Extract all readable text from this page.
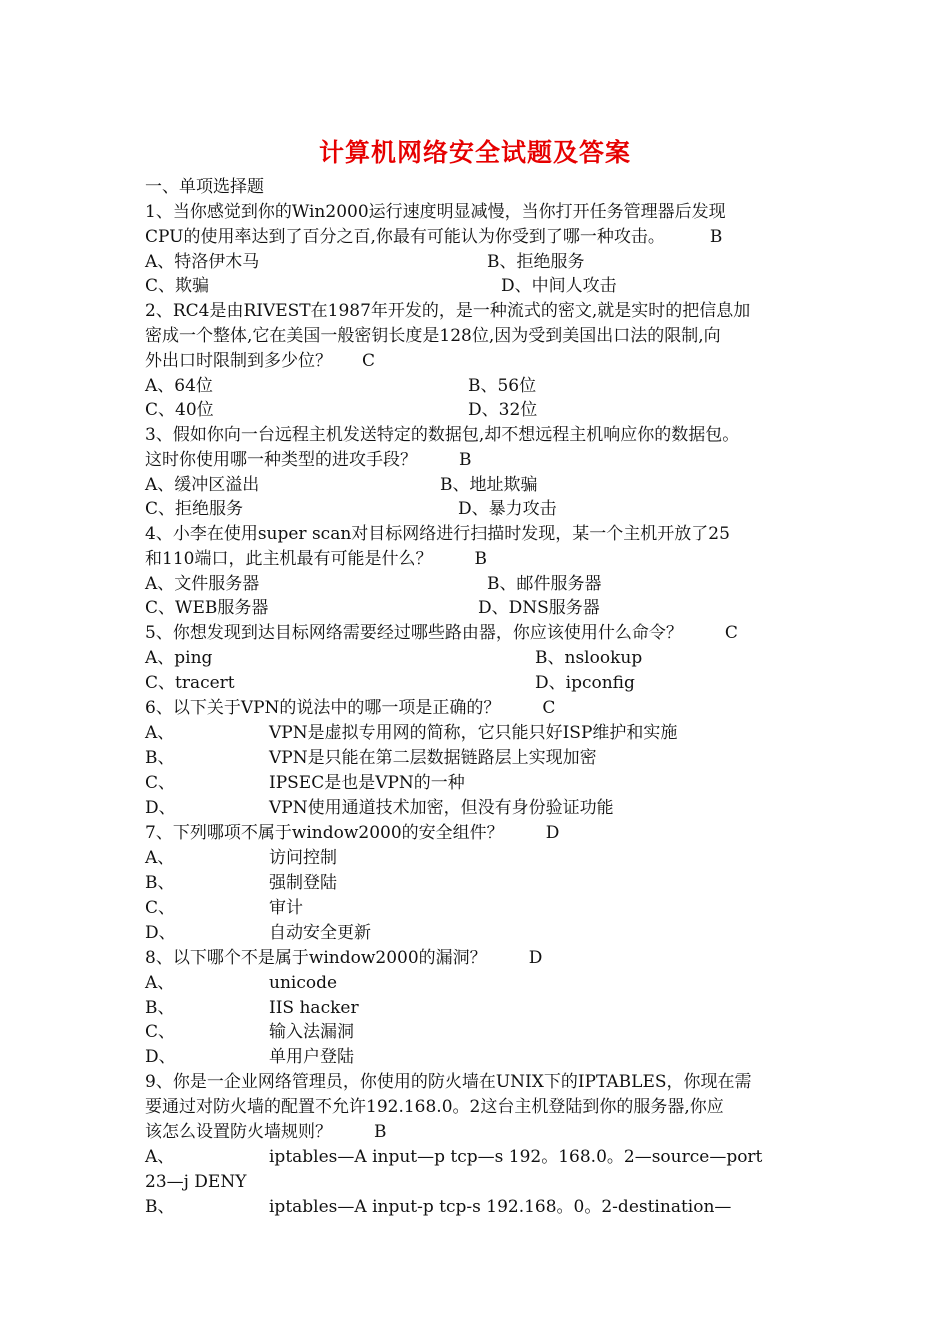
计算机网络安全试题及答案
一、单项选择题
1、当你感觉到你的Win2000运行速度明显减慢，当你打开任务管理器后发现
CPU的使用率达到了百分之百,你最有可能认为你受到了哪一种攻击。	B
A、特洛伊木马	B、拒绝服务
C、欺骗	D、中间人攻击
2、RC4是由RIVEST在1987年开发的，是一种流式的密文,就是实时的把信息加
密成一个整体,它在美国一般密钥长度是128位,因为受到美国出口法的限制,向
外出口时限制到多少位？ C
A、64位	B、56位
C、40位	D、32位
3、假如你向一台远程主机发送特定的数据包,却不想远程主机响应你的数据包。
这时你使用哪一种类型的进攻手段？ B
A、缓冲区溢出	B、地址欺骗
C、拒绝服务	D、暴力攻击
4、小李在使用super scan对目标网络进行扫描时发现，某一个主机开放了25
和110端口，此主机最有可能是什么？ B
A、文件服务器	B、邮件服务器
C、WEB服务器	D、DNS服务器
5、你想发现到达目标网络需要经过哪些路由器，你应该使用什么命令？ C
A、ping	B、nslookup
C、tracert	D、ipconfig
6、以下关于VPN的说法中的哪一项是正确的？ C
A、	VPN是虚拟专用网的简称，它只能只好ISP维护和实施
B、	VPN是只能在第二层数据链路层上实现加密
C、	IPSEC是也是VPN的一种
D、	VPN使用通道技术加密，但没有身份验证功能
7、下列哪项不属于window2000的安全组件？ D
A、	访问控制
B、	强制登陆
C、	审计
D、	自动安全更新
8、以下哪个不是属于window2000的漏洞？ D
A、	unicode
B、	IIS hacker
C、	输入法漏洞
D、	单用户登陆
9、你是一企业网络管理员，你使用的防火墙在UNIX下的IPTABLES，你现在需
要通过对防火墙的配置不允许192.168.0。2这台主机登陆到你的服务器,你应
该怎么设置防火墙规则？ B
A、	iptables—A input—p tcp—s 192。168.0。2—source—port
23—j DENY
B、	iptables—A input-p tcp-s 192.168。0。2-destination—
